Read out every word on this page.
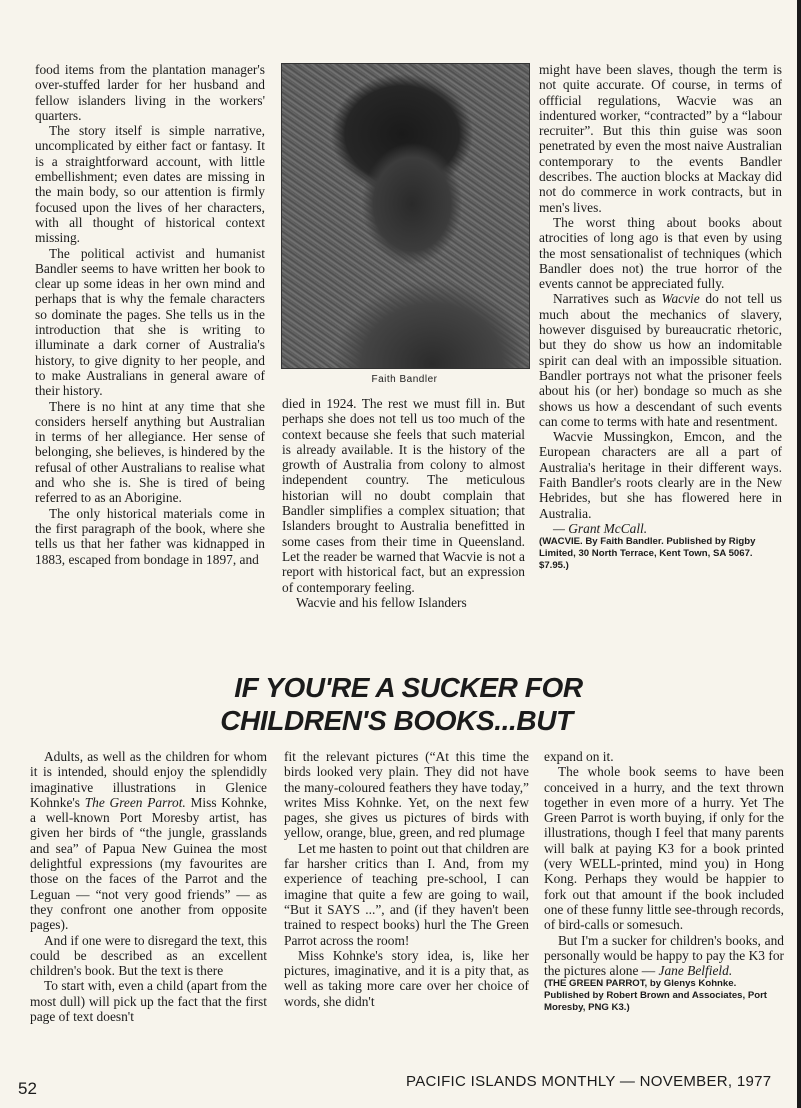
food items from the plantation manager's over-stuffed larder for her husband and fellow islanders living in the workers' quarters.

The story itself is simple narrative, uncomplicated by either fact or fantasy. It is a straightforward account, with little embellishment; even dates are missing in the main body, so our attention is firmly focused upon the lives of her characters, with all thought of historical context missing.

The political activist and humanist Bandler seems to have written her book to clear up some ideas in her own mind and perhaps that is why the female characters so dominate the pages. She tells us in the introduction that she is writing to illuminate a dark corner of Australia's history, to give dignity to her people, and to make Australians in general aware of their history.

There is no hint at any time that she considers herself anything but Australian in terms of her allegiance. Her sense of belonging, she believes, is hindered by the refusal of other Australians to realise what and who she is. She is tired of being referred to as an Aborigine.

The only historical materials come in the first paragraph of the book, where she tells us that her father was kidnapped in 1883, escaped from bondage in 1897, and

Faith Bandler

died in 1924. The rest we must fill in. But perhaps she does not tell us too much of the context because she feels that such material is already available. It is the history of the growth of Australia from colony to almost independent country. The meticulous historian will no doubt complain that Bandler simplifies a complex situation; that Islanders brought to Australia benefitted in some cases from their time in Queensland. Let the reader be warned that Wacvie is not a report with historical fact, but an expression of contemporary feeling.

Wacvie and his fellow Islanders

might have been slaves, though the term is not quite accurate. Of course, in terms of offficial regulations, Wacvie was an indentured worker, “contracted” by a “labour recruiter”. But this thin guise was soon penetrated by even the most naive Australian contemporary to the events Bandler describes. The auction blocks at Mackay did not do commerce in work contracts, but in men's lives.

The worst thing about books about atrocities of long ago is that even by using the most sensationalist of techniques (which Bandler does not) the true horror of the events cannot be appreciated fully.

Narratives such as Wacvie do not tell us much about the mechanics of slavery, however disguised by bureaucratic rhetoric, but they do show us how an indomitable spirit can deal with an impossible situation. Bandler portrays not what the prisoner feels about his (or her) bondage so much as she shows us how a descendant of such events can come to terms with hate and resentment.

Wacvie Mussingkon, Emcon, and the European characters are all a part of Australia's heritage in their different ways. Faith Bandler's roots clearly are in the New Hebrides, but she has flowered here in Australia.

— Grant McCall.

(WACVIE. By Faith Bandler. Published by Rigby Limited, 30 North Terrace, Kent Town, SA 5067. $7.95.)

IF YOU'RE A SUCKER FOR
CHILDREN'S BOOKS...BUT

Adults, as well as the children for whom it is intended, should enjoy the splendidly imaginative illustrations in Glenice Kohnke's The Green Parrot. Miss Kohnke, a well-known Port Moresby artist, has given her birds of “the jungle, grasslands and sea” of Papua New Guinea the most delightful expressions (my favourites are those on the faces of the Parrot and the Leguan — “not very good friends” — as they confront one another from opposite pages).

And if one were to disregard the text, this could be described as an excellent children's book. But the text is there

To start with, even a child (apart from the most dull) will pick up the fact that the first page of text doesn't

fit the relevant pictures (“At this time the birds looked very plain. They did not have the many-coloured feathers they have today,” writes Miss Kohnke. Yet, on the next few pages, she gives us pictures of birds with yellow, orange, blue, green, and red plumage

Let me hasten to point out that children are far harsher critics than I. And, from my experience of teaching pre-school, I can imagine that quite a few are going to wail, “But it SAYS ...”, and (if they haven't been trained to respect books) hurl the The Green Parrot across the room!

Miss Kohnke's story idea, is, like her pictures, imaginative, and it is a pity that, as well as taking more care over her choice of words, she didn't

expand on it.

The whole book seems to have been conceived in a hurry, and the text thrown together in even more of a hurry. Yet The Green Parrot is worth buying, if only for the illustrations, though I feel that many parents will balk at paying K3 for a book printed (very WELL-printed, mind you) in Hong Kong. Perhaps they would be happier to fork out that amount if the book included one of these funny little see-through records, of bird-calls or somesuch.

But I'm a sucker for children's books, and personally would be happy to pay the K3 for the pictures alone — Jane Belfield.

(THE GREEN PARROT, by Glenys Kohnke. Published by Robert Brown and Associates, Port Moresby, PNG K3.)

52	PACIFIC ISLANDS MONTHLY — NOVEMBER, 1977
